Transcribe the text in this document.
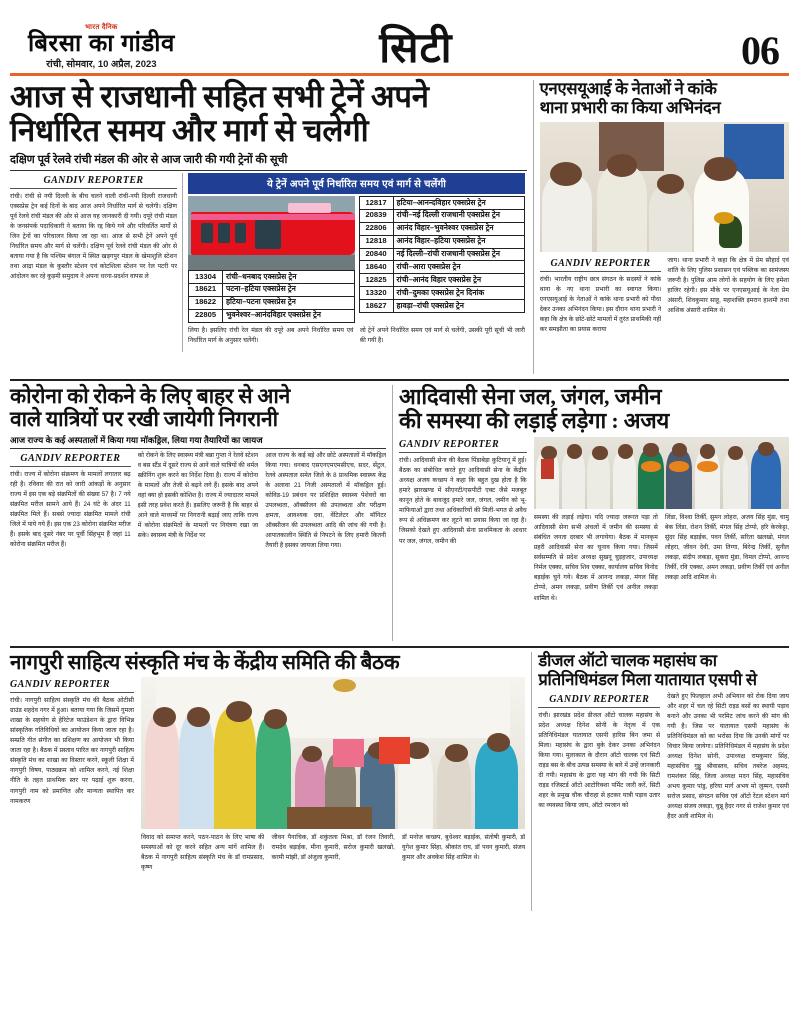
भारत दैनिक
बिरसा का गांडीव
रांची, सोमवार, 10 अप्रैल, 2023	सिटी	06
आज से राजधानी सहित सभी ट्रेनें अपने
निर्धारित समय और मार्ग से चलेगी
दक्षिण पूर्व रेलवे रांची मंडल की ओर से आज जारी की गयी ट्रेनों की सूची
GANDIV REPORTER
रांची। रांची से नयी दिल्ली के बीच चलने वाली रांची-नयी दिल्ली राजधानी एक्सप्रेस ट्रेन कई दिनों के बाद आज अपने निर्धारित मार्ग से चलेगी। दक्षिण पूर्व रेलवे रांची मंडल की ओर से आज यह जानकारी दी गयी। दपूरे रांची मंडल के जनसंपर्क पदाधिकारी ने बताया कि रद्द किये गये और परिवर्तित मार्गों से जिन ट्रेनों का परिचालन किया जा रहा था। आज से सभी ट्रेनें अपने पूर्व निर्धारित समय और मार्ग से चलेंगी। दक्षिण पूर्व रेलवे रांची मंडल की ओर से बताया गया है कि पश्चिम बंगाल में स्थित खड़गपुर मंडल के खेमाशुलि स्टेशन तथा आद्रा मंडल के कुस्तौर स्टेशन एवं कोटशिला स्टेशन पर रेल पटरी पर आंदोलन कर रहे कुड़मी समुदाय ने अपना धरना-प्रदर्शन वापस ले
ये ट्रेनें अपने पूर्व निर्धारित समय एवं मार्ग से चलेंगी
13304	रांची–धनबाद एक्सप्रेस ट्रेन
18621	पटना–हटिया एक्सप्रेस ट्रेन
18622	हटिया–पटना एक्सप्रेस ट्रेन
22805	भुवनेश्वर–आनंदविहार एक्सप्रेस ट्रेन
12817	हटिया–आनन्दविहार एक्सप्रेस ट्रेन
20839	रांची–नई दिल्ली राजधानी एक्सप्रेस ट्रेन
22806	आनंद विहार–भुवनेश्वर एक्सप्रेस ट्रेन
12818	आनंद विहार–हटिया एक्सप्रेस ट्रेन
20840	नई दिल्ली–रांची राजधानी एक्सप्रेस ट्रेन
18640	रांची–आरा एक्सप्रेस ट्रेन
12825	रांची–आनंद विहार एक्सप्रेस ट्रेन
13320	रांची–दुमका एक्सप्रेस ट्रेन दिनांक
18627	हावड़ा–रांची एक्सप्रेस ट्रेन
लिया है। इसलिए रांची रेल मंडल की दपूरे अब अपने निर्धारित समय एवं निर्धारित मार्ग के अनुसार चलेंगी।
जो ट्रेनें अपने निर्धारित समय एवं मार्ग से चलेंगी, उसकी पूरी सूची भी जारी की गयी है।
एनएसयूआई के नेताओं ने कांके
थाना प्रभारी का किया अभिनंदन
GANDIV REPORTER
रांची। भारतीय राष्ट्रीय छात्र संगठन के सदस्यों ने कांके थाना के नए थाना प्रभारी का स्वागत किया। एनएसयूआई के नेताओं ने कांके थाना प्रभारी को पौधा देकर उनका अभिनंदन किया। इस दौरान थाना प्रभारी ने कहा कि क्षेत्र के छोटे-छोटे मामलों में तुरंत प्राथमिकी नहीं कर समझौता का प्रयास कराया
जाय। थाना प्रभारी ने कहा कि क्षेत्र में प्रेम सौहार्द एवं शांति के लिए पुलिस प्रशासन एवं पब्लिक का सामंजस्य जरूरी है। पुलिस आम लोगों के सहयोग के लिए हमेशा हाजिर रहेगी। इस मौके पर एनएसयूआई के नेता प्रेम अंसारी, शिवकुमार साहू, महाशक्ति इमरान हाशमी तथा आशिक अंसारी शामिल थे।
कोरोना को रोकने के लिए बाहर से आने
वाले यात्रियों पर रखी जायेगी निगरानी
आज राज्य के कई अस्पतालों में किया गया मॉकड्रिल, लिया गया तैयारियों का जायज
GANDIV REPORTER
रांची। राज्य में कोरोना संक्रमण के मामलों लगातार बढ़ रही है। रविवार की रात को जारी आंकड़ों के अनुसार राज्य में इस एक बड़े संक्रमितों की संख्या 57 है। 7 नये संक्रमित मरीज सामने आये हैं। 24 घंटे के अंदर 11 संक्रमित मिले हैं। सबसे ज्यादा संक्रमित मामले रांची जिले में पाये गये हैं। इस एक 23 कोरोना संक्रमित मरीज हैं। इसके बाद दूसरे नंबर पर पूर्वी सिंहभूम हैं जहां 11 कोरोना संक्रमित मरीज हैं।
को रोकने के लिए स्वास्थ्य मंत्री बन्ना गुप्ता ने रेलवे स्टेशन व बस स्टैंड में दूसरे राज्य से आने वाले यात्रियों की थर्मल स्क्रीनिंग शुरू करने का निर्देश दिया है। राज्य में कोरोना के मामलों और तेजी से बढ़ने लगे हैं। इसके बाद अपने वहां क्या हो इसकी कोशिश है। राज्य में ज्यादातर मामले इसी तरह प्रवेश करते हैं। इसलिए जरूरी है कि बाहर से आने वाले माध्यमों पर निगरानी बढ़ाई जाए ताकि राज्य में कोरोना संक्रमितों के मामलों पर नियंत्रण रखा जा सके। स्वास्थ्य मंत्री के निर्देश पर
आज राज्य के कई बड़े और छोटे अस्पतालों में मॉकड्रिल किया गया। धनबाद एसएनएमएमसीएच, सदर, सेंटुल, रेलवे अस्पताल समेत जिले के 8 प्राथमिक स्वास्थ्य केंद्र के अलावा 21 निजी अस्पतालों में मॉकड्रिल हुई। कोविड-19 प्रबंधन पर प्रशिक्षित स्वास्थ्य पेशेवरों का उपलब्धता, ऑक्सीजन की उपलब्धता और परीक्षण क्षमता, आवश्यक दवा, वेंटिलेटर और मॉनिटर ऑक्सीजन की उपलब्धता आदि की जांच की गयी है। आपातकालीन स्थिति से निपटने के लिए हमारी कितनी तैयारी है इसका जायजा लिया गया।
आदिवासी सेना जल, जंगल, जमीन
की समस्या की लड़ाई लड़ेगा : अजय
GANDIV REPORTER
रांची। आदिवासी सेना की बैठक पिंडाबेड़ा कुटियानू में हुई। बैठक का संबोधित करते हुए आदिवासी सेना के केंद्रीय अध्यक्ष अजय कच्छप ने कहा कि बहुत दुख होता है कि हमारे झारखण्ड में सीएनटी/एसपीटी एक्ट जैसे मजबूत कानून होते के बावजूद हमारे जल, जंगल, जमीन को भू-माफियाओं द्वारा तथा अधिकारियों की मिली-भगत से अवैध रूप से अधिक्रमण कर लूटने का प्रयास किया जा रहा है। जिसको देखते हुए आदिवासी सेना प्राथमिकता के आधार पर जल, जंगल, जमीन की
समस्या की लड़ाई लड़ेगा। यदि ज्यादा जरूरत पड़ा तो आदिवासी सेना सभी अंचलों में जमीन की समस्या से संबंधित जनता दरबार भी लगायेगा। बैठक में मानकृम प्रहरी आदिवासी सेना का चुनाव किया गया। जिसमें सर्वसम्मति से प्रदेश अध्यक्ष सुखनू चुड़हजार, उपाध्यक्ष निर्मल एक्का, सचिव शिव एक्का, कार्यालय सचिव विनोद बड़ाईक चुने गये। बैठक में आनन्द लकड़ा, मंगल सिंह टोप्पो, अमन लकड़ा, प्रवीण तिर्की एवं अनील लकड़ा शामिल थे।
लिंडा, विश्वा तिर्की, सुमन लोहरा, अजय सिंह मुंडा, चामु बेक लिंडा, रोशन तिर्की, मंगल सिंह टोप्पो, हरि केरकेट्टा, सुंदर सिंह बड़ाईक, पवन तिर्की, सरिता खलखो, मंगल लोहरा, जीवन देवी, उमा तिग्गा, बिरेन्द्र तिर्की, सुनील लकड़ा, संदीप लकड़ा, सुकरा मुंडा, विमल टोप्पो, आनन्द तिर्की, रवि एक्का, अमन लकड़ा, प्रवीण तिर्की एवं अनील लकड़ा आदि शामिल थे।
नागपुरी साहित्य संस्कृति मंच के केंद्रीय समिति की बैठक
GANDIV REPORTER
रांची। नागपुरी साहित्य संस्कृति मंच की बैठक ओटीसी ग्राउंड शहदेव नगर में हुआ। बताया गया कि जिसमें गुमला शाखा के सहयोग से हेरिटेज फाउंडेशन के द्वारा विभिन्न सांस्कृतिक गतिविधियों का आयोजन किया जाता रहा है। सम्प्रति गीत संगीत का प्रशिक्षण का आयोजन भी किया जाता रहा है। बैठक में प्रस्ताव पारित कर नागपुरी साहित्य संस्कृति मंच का शाखा का विस्तार करने, स्कूली शिक्षा में नागपुरी विषय, पाठ्यक्रम को शामिल करने, नई शिक्षा नीति के तहत प्राथमिक स्तर पर पढ़ाई शुरू करना, नागपुरी नाम को प्रमाणित और मान्यता स्थापित कर नामकरण
विवाद को समाप्त करने, पठन-पाठन के लिए भाषा की समस्याओं को दूर करने सहित अन्य मांगें शामिल हैं। बैठक में नागपुरी साहित्य संस्कृति मंच के डॉ रामप्रसाद, कृष्ण
जीवन पैनाचिक, डॉ शकुंतला मिश्रा, डॉ रंजन तिवारी, रामदेव बड़ाईक, मीना कुमारी, सरोज कुमारी खलखो, करमी मांझी, डॉ अंजुला कुमारी,
डॉ मनोज कच्छप, बुधेश्वर बड़ाईक, संतोषी कुमारी, डॉ युगेश कुमार सिंहा, श्रीकांत राय, डॉ पवन कुमारी, संजय कुमार और अवकेश सिंह शामिल थे।
डीजल ऑटो चालक महासंघ का
प्रतिनिधिमंडल मिला यातायात एसपी से
GANDIV REPORTER
रांची। झारखंड प्रदेश डीजल ऑटो चालक महासंघ के प्रदेश अध्यक्ष दिनेश सोनी के नेतृत्व में एक प्रतिनिधिमंडल यातायात एसपी हारिस बिन जमा से मिला। महासंघ के द्वारा बुके देकर उनका अभिनंदन किया गया। मुलाकात के दौरान ऑटो चालक एवं सिटी राइड बस के बीच उत्पन्न समस्या के बारे में उन्हें जानकारी दी गयी। महासंघ के द्वारा यह मांग की गयी कि सिटी राइड रजिस्टर्ड ऑटो आटोरिक्शा पर्मिट जारी करें, सिटी शहर के प्रमुख चौक चौराहा से हटकर यात्री पड़ाव उतार का व्यवस्था किया जाय, ऑटो रमजान को
देखते हुए फिलहाल अभी अभियान को रोक दिया जाय और शहर में चल रहे सिटी राइड बसों का स्थायी पड़ाव बनाने और उनका भी परमिट जांच करने की मांग की गयी है। जिस पर यातायात एसपी महासंघ के प्रतिनिधिमंडल को का भरोसा दिया कि उनकी मांगों पर विचार किया जायेगा। प्रतिनिधिमंडल में महासंघ के प्रदेश अध्यक्ष दिनेश सोनी, उपाध्यक्ष रामकुमार सिंह, महासचिव गुड्डू श्रीवास्तव, सचिव तबरेज अहमद, रामशंकर सिंह, जिला अध्यक्ष मदन सिंह, महासचिव अभय कुमार पांडु, हरिया मार्ग अभय मो जुम्मन, एसपी सरोज प्रसाद, संगठन सचिव एवं ऑटो रेंटल स्टेशन मार्ग अध्यक्ष संजय लकड़ा, चुन्नू हैदर नगर से राजेश कुमार एवं हैदर अली शामिल थे।
